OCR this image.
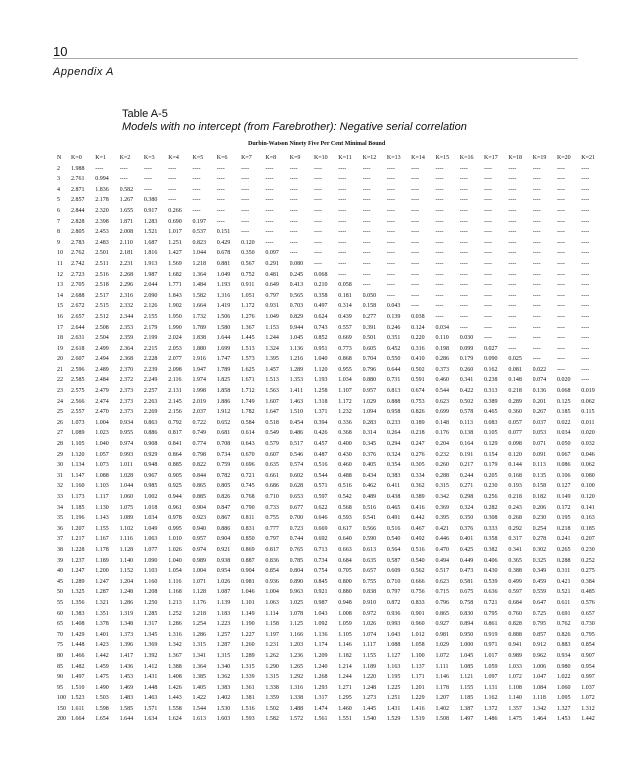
10
Appendix A
Table A-5
Models with no intercept (from Farebrother): Negative serial correlation
Durbin-Watson Ninety Five Per Cent Minimal Bound
N	K=0	K=1	K=2	K=3	K=4	K=5	K=6	K=7	K=8	K=9	K=10	K=11	K=12	K=13	K=14	K=15	K=16	K=17	K=18	K=19	K=20	K=21
2	1.988	----	----	----	----	----	----	----	----	----	----	----	----	----	----	----	----	----	----	----	----	----
3	2.761	0.994	----	----	----	----	----	----	----	----	----	----	----	----	----	----	----	----	----	----	----	----
4	2.871	1.836	0.582	----	----	----	----	----	----	----	----	----	----	----	----	----	----	----	----	----	----	----
5	2.857	2.178	1.267	0.380	----	----	----	----	----	----	----	----	----	----	----	----	----	----	----	----	----	----
6	2.844	2.320	1.655	0.917	0.266	----	----	----	----	----	----	----	----	----	----	----	----	----	----	----	----	----
7	2.828	2.398	1.871	1.283	0.690	0.197	----	----	----	----	----	----	----	----	----	----	----	----	----	----	----	----
8	2.805	2.453	2.008	1.521	1.017	0.537	0.151	----	----	----	----	----	----	----	----	----	----	----	----	----	----	----
9	2.783	2.483	2.110	1.687	1.251	0.823	0.429	0.120	----	----	----	----	----	----	----	----	----	----	----	----	----	----
10	2.762	2.501	2.181	1.816	1.427	1.044	0.678	0.350	0.097	----	----	----	----	----	----	----	----	----	----	----	----	----
11	2.742	2.511	2.231	1.913	1.569	1.218	0.881	0.567	0.291	0.080	----	----	----	----	----	----	----	----	----	----	----	----
12	2.723	2.516	2.268	1.987	1.682	1.364	1.049	0.752	0.481	0.245	0.068	----	----	----	----	----	----	----	----	----	----	----
13	2.705	2.518	2.296	2.044	1.771	1.484	1.193	0.911	0.649	0.413	0.210	0.058	----	----	----	----	----	----	----	----	----	----
14	2.688	2.517	2.316	2.090	1.843	1.582	1.316	1.051	0.797	0.565	0.358	0.181	0.050	----	----	----	----	----	----	----	----	----
15	2.672	2.515	2.332	2.126	1.902	1.664	1.419	1.172	0.931	0.703	0.497	0.314	0.158	0.043	----	----	----	----	----	----	----	----
16	2.657	2.512	2.344	2.155	1.950	1.732	1.506	1.276	1.049	0.829	0.624	0.439	0.277	0.139	0.038	----	----	----	----	----	----	----
17	2.644	2.508	2.353	2.179	1.990	1.789	1.580	1.367	1.153	0.944	0.743	0.557	0.391	0.246	0.124	0.034	----	----	----	----	----	----
18	2.631	2.504	2.359	2.199	2.024	1.838	1.644	1.445	1.244	1.045	0.852	0.669	0.501	0.351	0.220	0.110	0.030	----	----	----	----	----
19	2.618	2.499	2.364	2.215	2.053	1.880	1.699	1.513	1.324	1.136	0.951	0.773	0.605	0.452	0.316	0.198	0.099	0.027	----	----	----	----
20	2.607	2.494	2.368	2.228	2.077	1.916	1.747	1.573	1.395	1.216	1.040	0.868	0.704	0.550	0.410	0.286	0.179	0.090	0.025	----	----	----
21	2.596	2.489	2.370	2.239	2.098	1.947	1.789	1.625	1.457	1.289	1.120	0.955	0.796	0.644	0.502	0.373	0.260	0.162	0.081	0.022	----	----
22	2.585	2.484	2.372	2.249	2.116	1.974	1.825	1.671	1.513	1.353	1.193	1.034	0.880	0.731	0.591	0.460	0.341	0.238	0.148	0.074	0.020	----
23	2.575	2.479	2.373	2.257	2.131	1.998	1.858	1.712	1.563	1.411	1.258	1.107	0.957	0.813	0.674	0.544	0.422	0.313	0.218	0.136	0.068	0.019
24	2.566	2.474	2.373	2.263	2.145	2.019	1.886	1.749	1.607	1.463	1.318	1.172	1.029	0.888	0.753	0.623	0.502	0.389	0.289	0.201	0.125	0.062
25	2.557	2.470	2.373	2.269	2.156	2.037	1.912	1.782	1.647	1.510	1.371	1.232	1.094	0.958	0.826	0.699	0.578	0.465	0.360	0.267	0.185	0.115
26	1.073	1.004	0.934	0.863	0.792	0.722	0.652	0.584	0.518	0.454	0.394	0.336	0.283	0.233	0.189	0.148	0.113	0.083	0.057	0.037	0.022	0.011
27	1.089	1.023	0.955	0.886	0.817	0.749	0.681	0.614	0.549	0.486	0.426	0.368	0.314	0.264	0.218	0.176	0.138	0.105	0.077	0.053	0.034	0.020
28	1.105	1.040	0.974	0.908	0.841	0.774	0.708	0.643	0.579	0.517	0.457	0.400	0.345	0.294	0.247	0.204	0.164	0.129	0.098	0.071	0.050	0.032
29	1.120	1.057	0.993	0.929	0.864	0.798	0.734	0.670	0.607	0.546	0.487	0.430	0.376	0.324	0.276	0.232	0.191	0.154	0.120	0.091	0.067	0.046
30	1.134	1.073	1.011	0.948	0.885	0.822	0.759	0.696	0.635	0.574	0.516	0.460	0.405	0.354	0.305	0.260	0.217	0.179	0.144	0.113	0.086	0.062
31	1.147	1.088	1.028	0.967	0.905	0.844	0.782	0.721	0.661	0.602	0.544	0.488	0.434	0.383	0.334	0.288	0.244	0.205	0.168	0.135	0.106	0.080
32	1.160	1.103	1.044	0.985	0.925	0.865	0.805	0.745	0.686	0.628	0.571	0.516	0.462	0.411	0.362	0.315	0.271	0.230	0.193	0.158	0.127	0.100
33	1.173	1.117	1.060	1.002	0.944	0.885	0.826	0.768	0.710	0.653	0.597	0.542	0.489	0.438	0.389	0.342	0.298	0.256	0.218	0.182	0.149	0.120
34	1.185	1.130	1.075	1.018	0.961	0.904	0.847	0.790	0.733	0.677	0.622	0.568	0.516	0.465	0.416	0.369	0.324	0.282	0.243	0.206	0.172	0.141
35	1.196	1.143	1.089	1.034	0.978	0.923	0.867	0.811	0.755	0.700	0.646	0.593	0.541	0.491	0.442	0.395	0.350	0.308	0.268	0.230	0.195	0.163
36	1.207	1.155	1.102	1.049	0.995	0.940	0.886	0.831	0.777	0.723	0.669	0.617	0.566	0.516	0.467	0.421	0.376	0.333	0.292	0.254	0.218	0.185
37	1.217	1.167	1.116	1.063	1.010	0.957	0.904	0.850	0.797	0.744	0.692	0.640	0.590	0.540	0.492	0.446	0.401	0.358	0.317	0.278	0.241	0.207
38	1.228	1.178	1.128	1.077	1.026	0.974	0.921	0.869	0.817	0.765	0.713	0.663	0.613	0.564	0.516	0.470	0.425	0.382	0.341	0.302	0.265	0.230
39	1.237	1.189	1.140	1.090	1.040	0.989	0.938	0.887	0.836	0.785	0.734	0.684	0.635	0.587	0.540	0.494	0.449	0.406	0.365	0.325	0.288	0.252
40	1.247	1.200	1.152	1.103	1.054	1.004	0.954	0.904	0.854	0.804	0.754	0.705	0.657	0.609	0.562	0.517	0.473	0.430	0.388	0.349	0.311	0.275
45	1.289	1.247	1.204	1.160	1.116	1.071	1.026	0.981	0.936	0.890	0.845	0.800	0.755	0.710	0.666	0.623	0.581	0.539	0.499	0.459	0.421	0.384
50	1.325	1.287	1.248	1.208	1.168	1.128	1.087	1.046	1.004	0.963	0.921	0.880	0.838	0.797	0.756	0.715	0.675	0.636	0.597	0.559	0.521	0.485
55	1.356	1.321	1.286	1.250	1.213	1.176	1.139	1.101	1.063	1.025	0.987	0.948	0.910	0.872	0.833	0.796	0.758	0.721	0.684	0.647	0.611	0.576
60	1.383	1.351	1.319	1.285	1.252	1.218	1.183	1.149	1.114	1.078	1.043	1.008	0.972	0.936	0.901	0.865	0.830	0.795	0.760	0.725	0.691	0.657
65	1.408	1.378	1.348	1.317	1.286	1.254	1.223	1.190	1.158	1.125	1.092	1.059	1.026	0.993	0.960	0.927	0.894	0.861	0.828	0.795	0.762	0.730
70	1.429	1.401	1.373	1.345	1.316	1.286	1.257	1.227	1.197	1.166	1.136	1.105	1.074	1.043	1.012	0.981	0.950	0.919	0.888	0.857	0.826	0.795
75	1.448	1.423	1.396	1.369	1.342	1.315	1.287	1.260	1.231	1.203	1.174	1.146	1.117	1.088	1.058	1.029	1.000	0.971	0.941	0.912	0.883	0.854
80	1.466	1.442	1.417	1.392	1.367	1.341	1.315	1.289	1.262	1.236	1.209	1.182	1.155	1.127	1.100	1.072	1.045	1.017	0.989	0.962	0.934	0.907
85	1.482	1.459	1.436	1.412	1.388	1.364	1.340	1.315	1.290	1.265	1.240	1.214	1.189	1.163	1.137	1.111	1.085	1.059	1.033	1.006	0.980	0.954
90	1.497	1.475	1.453	1.431	1.408	1.385	1.362	1.339	1.315	1.292	1.268	1.244	1.220	1.195	1.171	1.146	1.121	1.097	1.072	1.047	1.022	0.997
95	1.510	1.490	1.469	1.448	1.426	1.405	1.383	1.361	1.338	1.316	1.293	1.271	1.248	1.225	1.201	1.178	1.155	1.131	1.108	1.084	1.060	1.037
100	1.523	1.503	1.483	1.463	1.443	1.422	1.402	1.381	1.359	1.338	1.317	1.295	1.273	1.251	1.229	1.207	1.185	1.162	1.140	1.118	1.095	1.072
150	1.611	1.598	1.585	1.571	1.558	1.544	1.530	1.516	1.502	1.488	1.474	1.460	1.445	1.431	1.416	1.402	1.387	1.372	1.357	1.342	1.327	1.312
200	1.664	1.654	1.644	1.634	1.624	1.613	1.603	1.593	1.582	1.572	1.561	1.551	1.540	1.529	1.519	1.508	1.497	1.486	1.475	1.464	1.453	1.442
